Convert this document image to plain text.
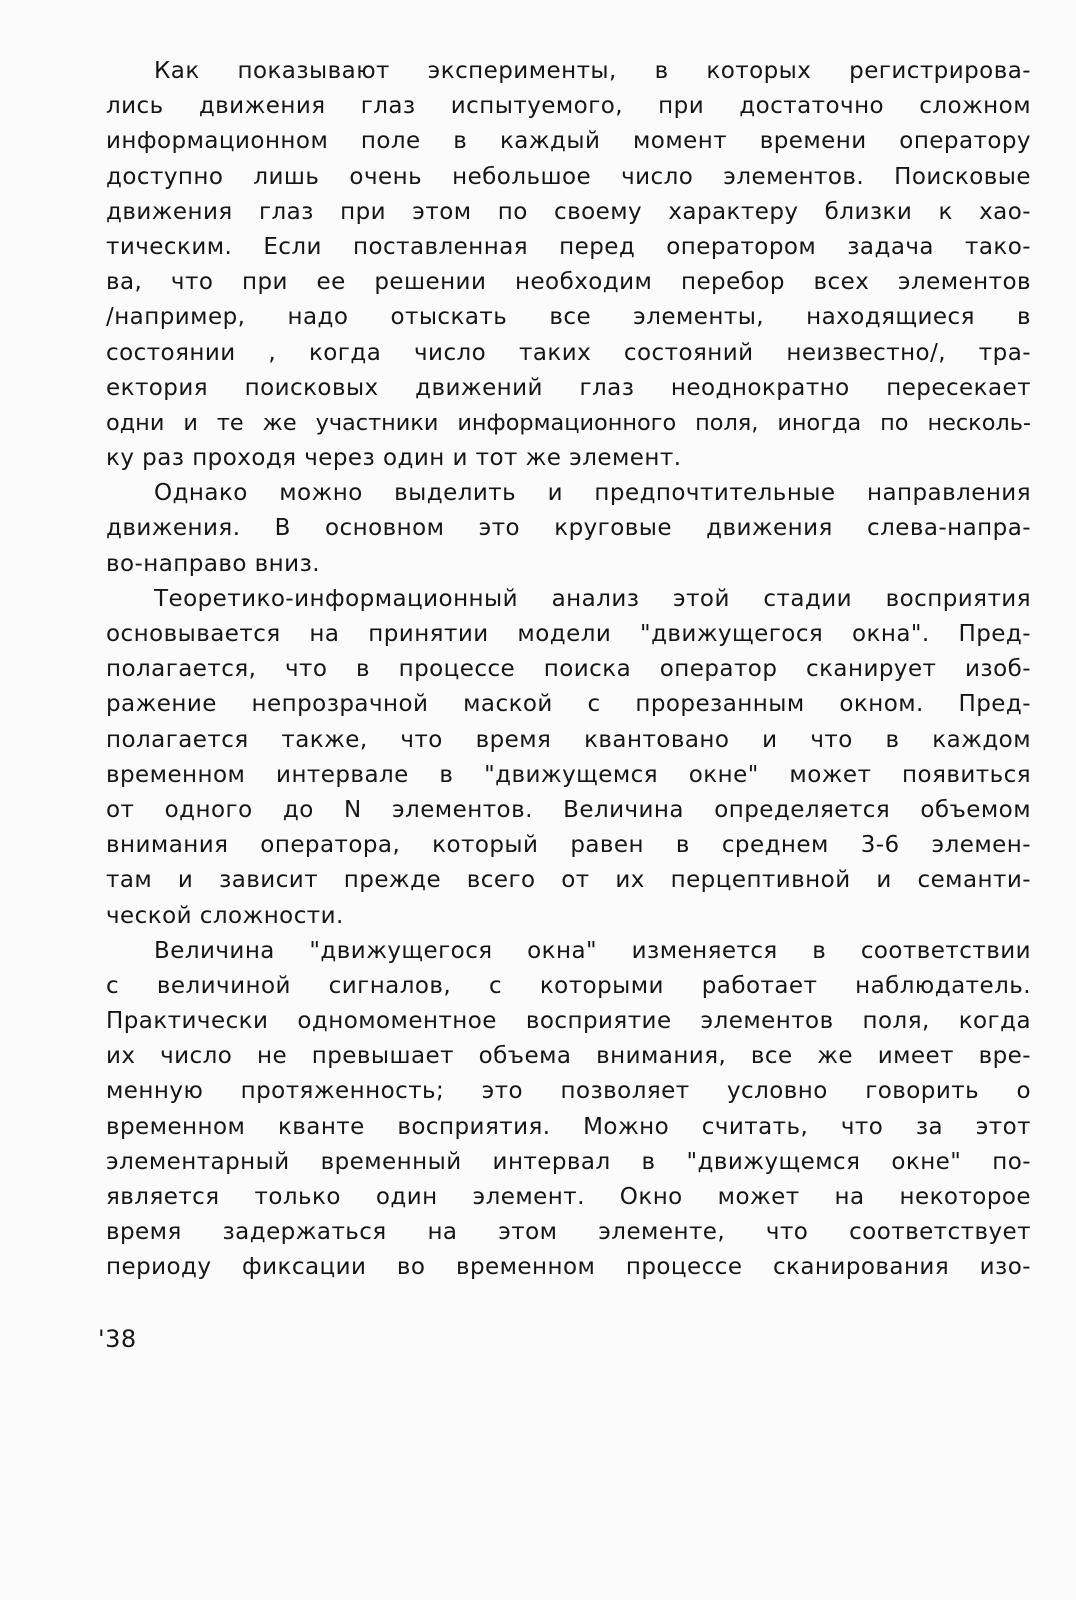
Как показывают эксперименты, в которых регистрирова-
лись движения глаз испытуемого, при достаточно сложном
информационном поле в каждый момент времени оператору
доступно лишь очень небольшое число элементов. Поисковые
движения глаз при этом по своему характеру близки к хао-
тическим. Если поставленная перед оператором задача тако-
ва, что при ее решении необходим перебор всех элементов
/например, надо отыскать все элементы, находящиеся в
состоянии , когда число таких состояний неизвестно/, тра-
ектория поисковых движений глаз неоднократно пересекает
одни и те же участники информационного поля, иногда по несколь-
ку раз проходя через один и тот же элемент.
Однако можно выделить и предпочтительные направления
движения. В основном это круговые движения слева-напра-
во-направо вниз.
Теоретико-информационный анализ этой стадии восприятия
основывается на принятии модели "движущегося окна". Пред-
полагается, что в процессе поиска оператор сканирует изоб-
ражение непрозрачной маской с прорезанным окном. Пред-
полагается также, что время квантовано и что в каждом
временном интервале в "движущемся окне" может появиться
от одного до N элементов. Величина определяется объемом
внимания оператора, который равен в среднем 3-6 элемен-
там и зависит прежде всего от их перцептивной и семанти-
ческой сложности.
Величина "движущегося окна" изменяется в соответствии
с величиной сигналов, с которыми работает наблюдатель.
Практически одномоментное восприятие элементов поля, когда
их число не превышает объема внимания, все же имеет вре-
менную протяженность; это позволяет условно говорить о
временном кванте восприятия. Можно считать, что за этот
элементарный временный интервал в "движущемся окне" по-
является только один элемент. Окно может на некоторое
время задержаться на этом элементе, что соответствует
периоду фиксации во временном процессе сканирования изо-
'38
